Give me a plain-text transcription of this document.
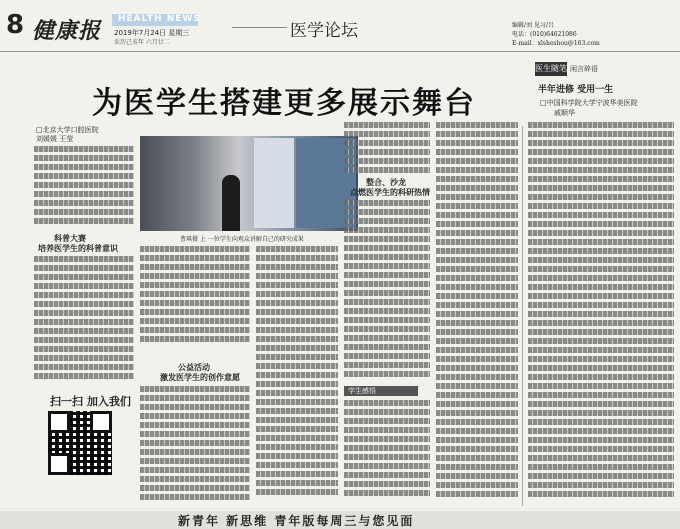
8 健康报 HEALTH NEWS
2019年7月24日 星期三
农历己亥年 六月廿二
医学论坛	编辑/刘 见习/吕
电话：(010)64621086
E-mail：xlsheshou@163.com
为医学生搭建更多展示舞台
医生随笔 闲言碎语
半年进修 受用一生
□中国科学院大学宁波华美医院
戚顺华
□北京大学口腔医院
刘媛媛 王莹
曹琪摄 上 一位学生向观众讲解自己的研究成果
科普大赛
培养医学生的科普意识
公益活动
激发医学生的创作意愿
整合、沙龙
点燃医学生的科研热情
学生感悟
扫一扫 加入我们
新青年 新思维 青年版每周三与您见面
